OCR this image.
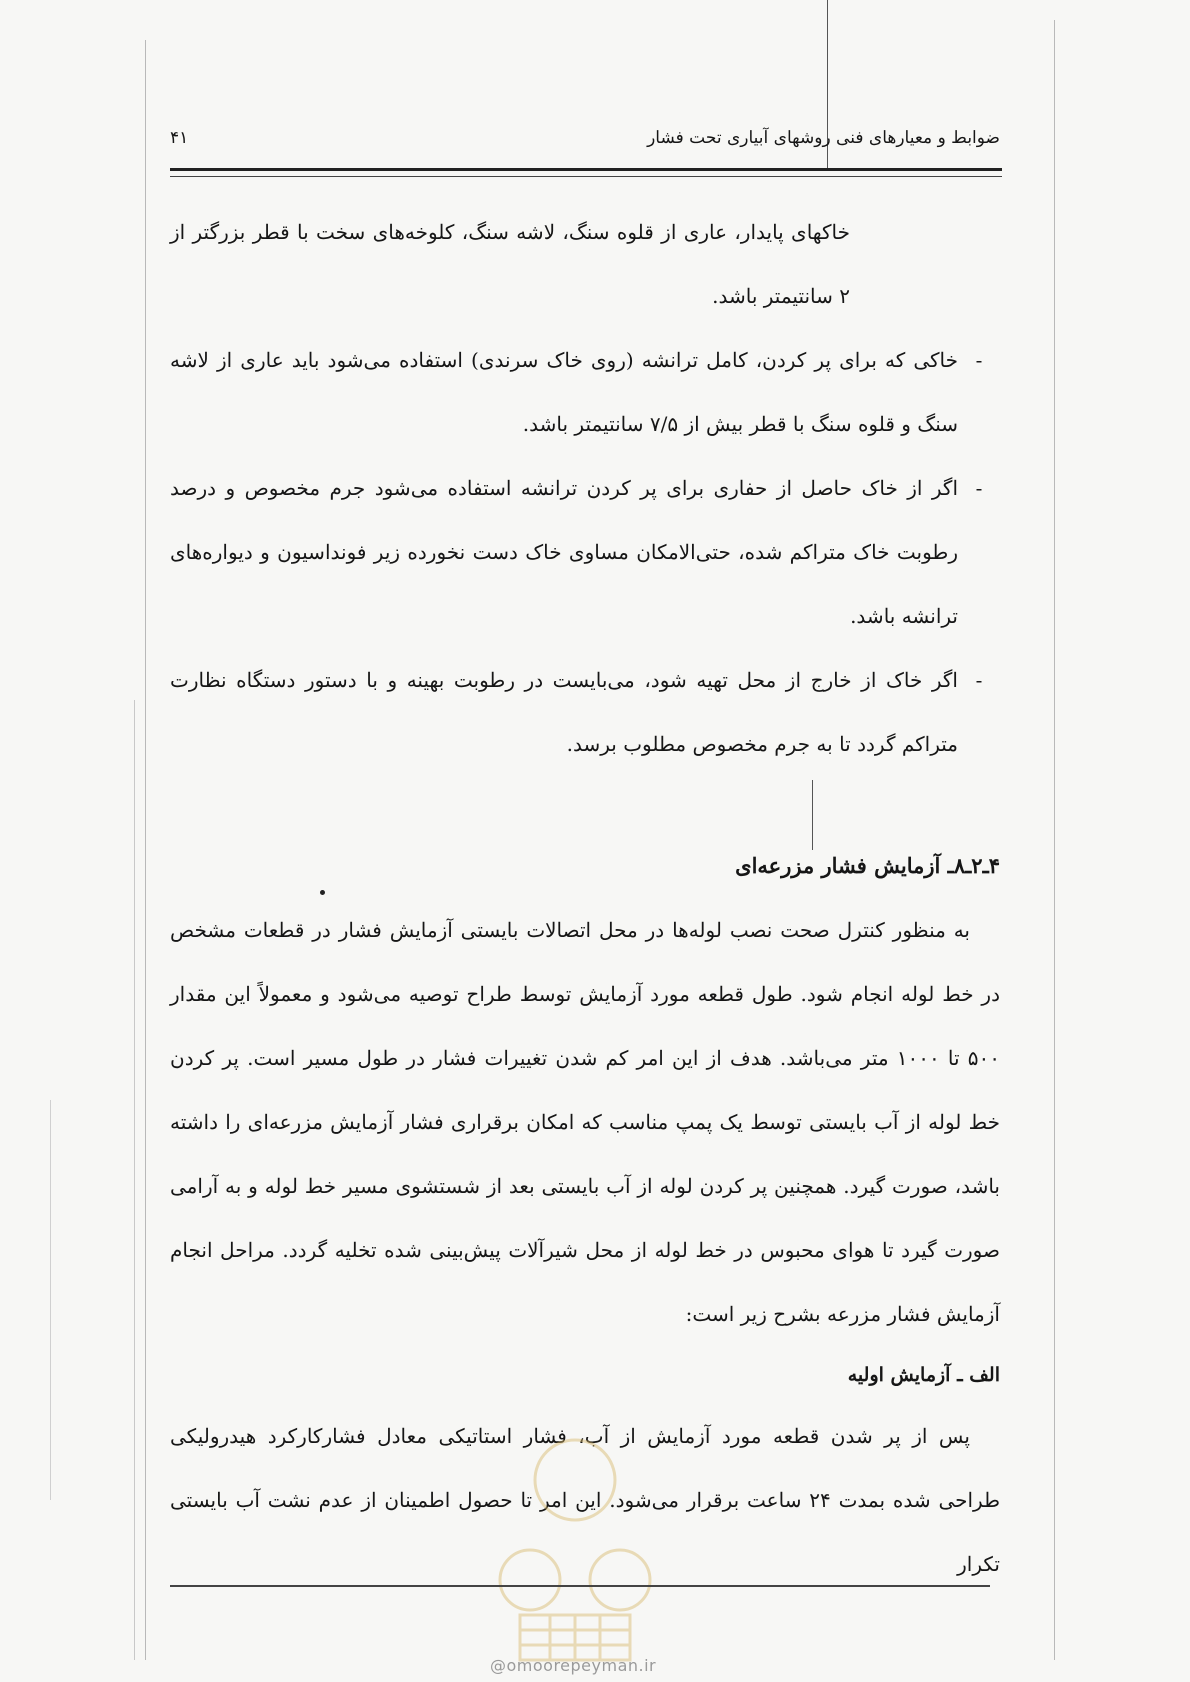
ضوابط و معیارهای فنی روشهای آبیاری تحت فشار
۴۱

خاکهای پایدار، عاری از قلوه سنگ، لاشه سنگ، کلوخه‌های سخت با قطر بزرگتر از ۲ سانتیمتر باشد.

-

خاکی که برای پر کردن، کامل ترانشه (روی خاک سرندی) استفاده می‌شود باید عاری از لاشه سنگ و قلوه سنگ با قطر بیش از ۷/۵ سانتیمتر باشد.

-

اگر از خاک حاصل از حفاری برای پر کردن ترانشه استفاده می‌شود جرم مخصوص و درصد رطوبت خاک متراکم شده، حتی‌الامکان مساوی خاک دست نخورده زیر فونداسیون و دیواره‌های ترانشه باشد.

-

اگر خاک از خارج از محل تهیه شود، می‌بایست در رطوبت بهینه و با دستور دستگاه نظارت متراکم گردد تا به جرم مخصوص مطلوب برسد.

۴ـ۲ـ۸ـ آزمایش فشار مزرعه‌ای

به منظور کنترل صحت نصب لوله‌ها در محل اتصالات بایستی آزمایش فشار در قطعات مشخص در خط لوله انجام شود. طول قطعه مورد آزمایش توسط طراح توصیه می‌شود و معمولاً این مقدار ۵۰۰ تا ۱۰۰۰ متر می‌باشد. هدف از این امر کم شدن تغییرات فشار در طول مسیر است. پر کردن خط لوله از آب بایستی توسط یک پمپ مناسب که امکان برقراری فشار آزمایش مزرعه‌ای را داشته باشد، صورت گیرد. همچنین پر کردن لوله از آب بایستی بعد از شستشوی مسیر خط لوله و به آرامی صورت گیرد تا هوای محبوس در خط لوله از محل شیرآلات پیش‌بینی شده تخلیه گردد. مراحل انجام آزمایش فشار مزرعه بشرح زیر است:

الف ـ آزمایش اولیه

پس از پر شدن قطعه مورد آزمایش از آب، فشار استاتیکی معادل فشارکارکرد هیدرولیکی طراحی شده بمدت ۲۴ ساعت برقرار می‌شود. این امر تا حصول اطمینان از عدم نشت آب بایستی تکرار

@omoorepeyman.ir
